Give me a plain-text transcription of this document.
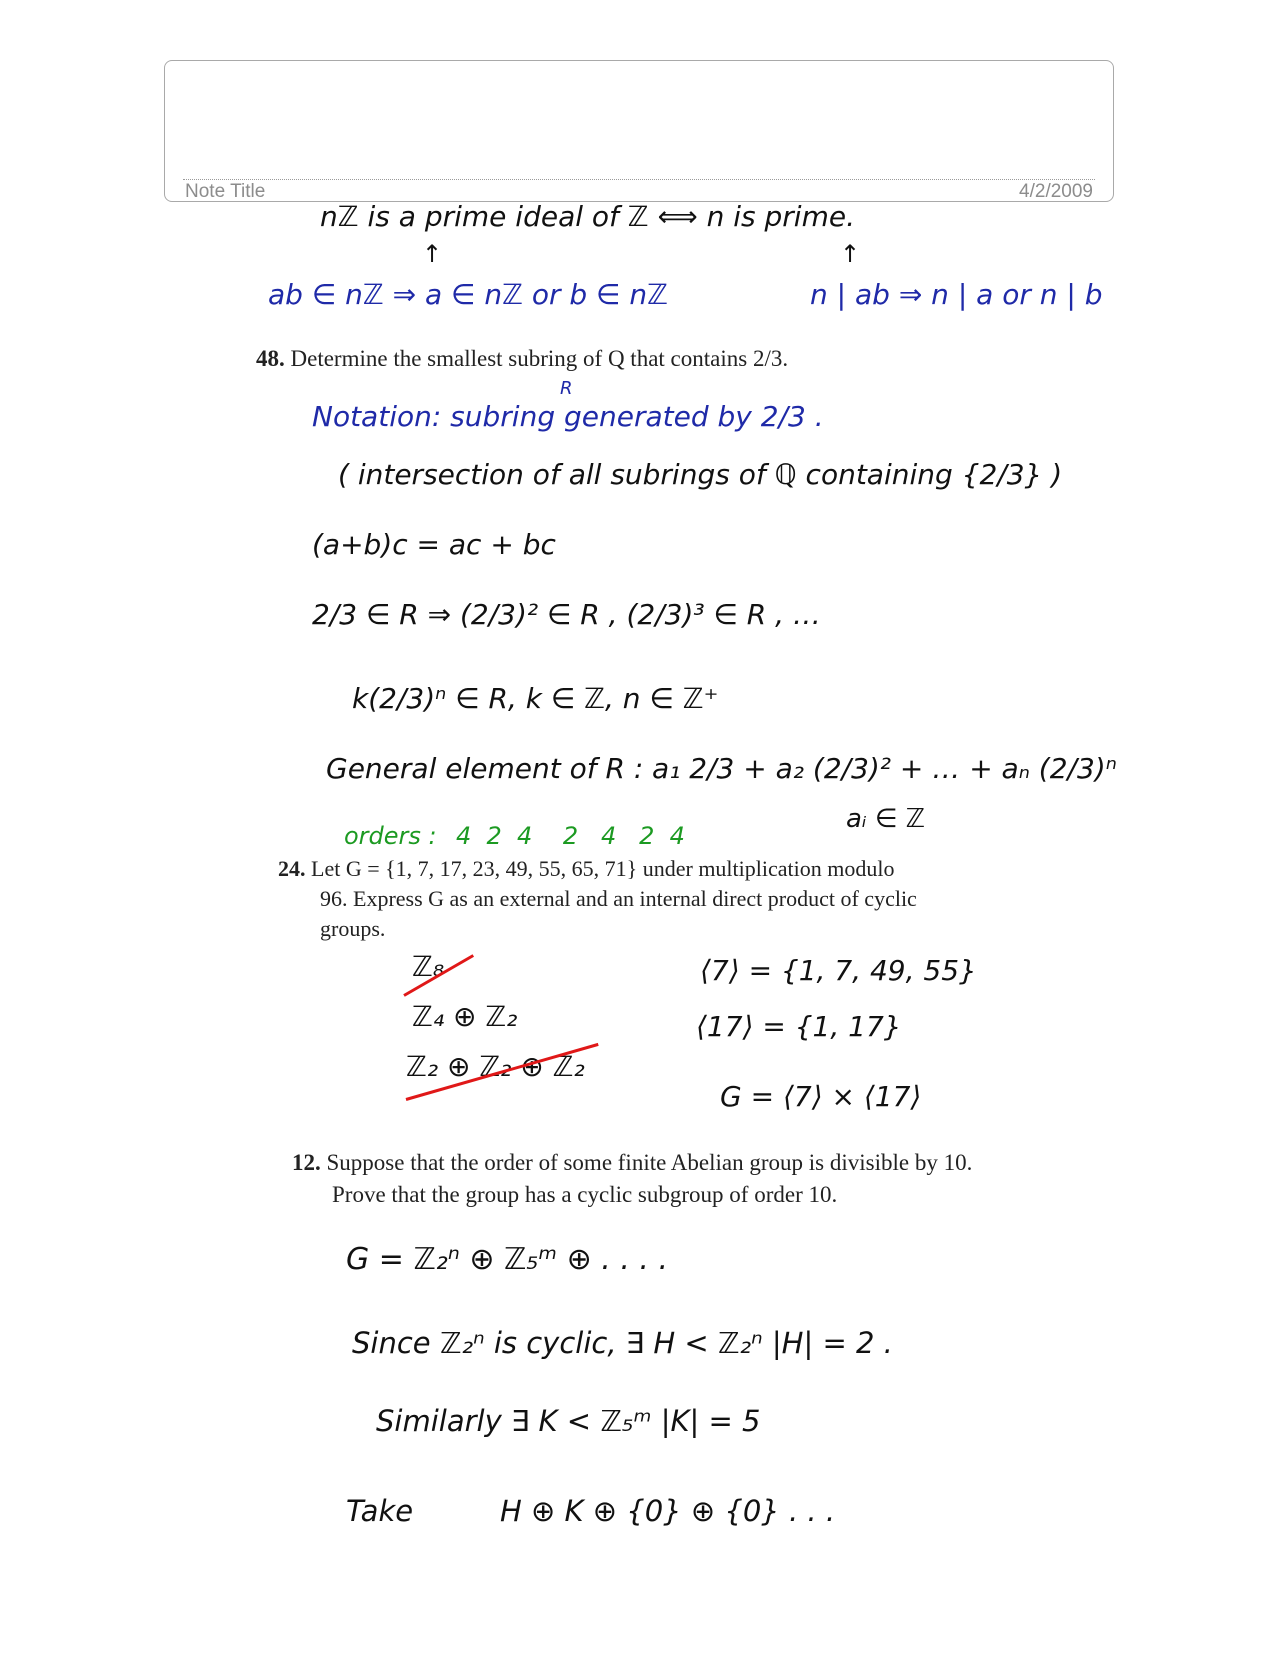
Note Title	4/2/2009
nℤ is a prime ideal of ℤ ⟺ n is prime.
↑	↑
ab ∈ nℤ ⇒ a ∈ nℤ or b ∈ nℤ	n | ab ⇒ n | a or n | b
48. Determine the smallest subring of Q that contains 2/3.
R
Notation: subring generated by 2/3 .
( intersection of all subrings of ℚ containing {2/3} )
(a+b)c = ac + bc
2/3 ∈ R ⇒ (2/3)² ∈ R , (2/3)³ ∈ R , …
k(2/3)ⁿ ∈ R, k ∈ ℤ, n ∈ ℤ⁺
General element of R : a₁ 2/3 + a₂ (2/3)² + … + aₙ (2/3)ⁿ
aᵢ ∈ ℤ
orders : 4  2  4    2   4   2  4
24. Let G = {1, 7, 17, 23, 49, 55, 65, 71} under multiplication modulo
96. Express G as an external and an internal direct product of cyclic
groups.
ℤ₈
ℤ₄ ⊕ ℤ₂
ℤ₂ ⊕ ℤ₂ ⊕ ℤ₂
⟨7⟩ = {1, 7, 49, 55}
⟨17⟩ = {1, 17}
G = ⟨7⟩ × ⟨17⟩
12. Suppose that the order of some finite Abelian group is divisible by 10.
Prove that the group has a cyclic subgroup of order 10.
G = ℤ₂ⁿ ⊕ ℤ₅ᵐ ⊕ . . . .
Since ℤ₂ⁿ is cyclic, ∃ H < ℤ₂ⁿ |H| = 2 .
Similarly ∃ K < ℤ₅ᵐ |K| = 5
Take	H ⊕ K ⊕ {0} ⊕ {0} . . .
